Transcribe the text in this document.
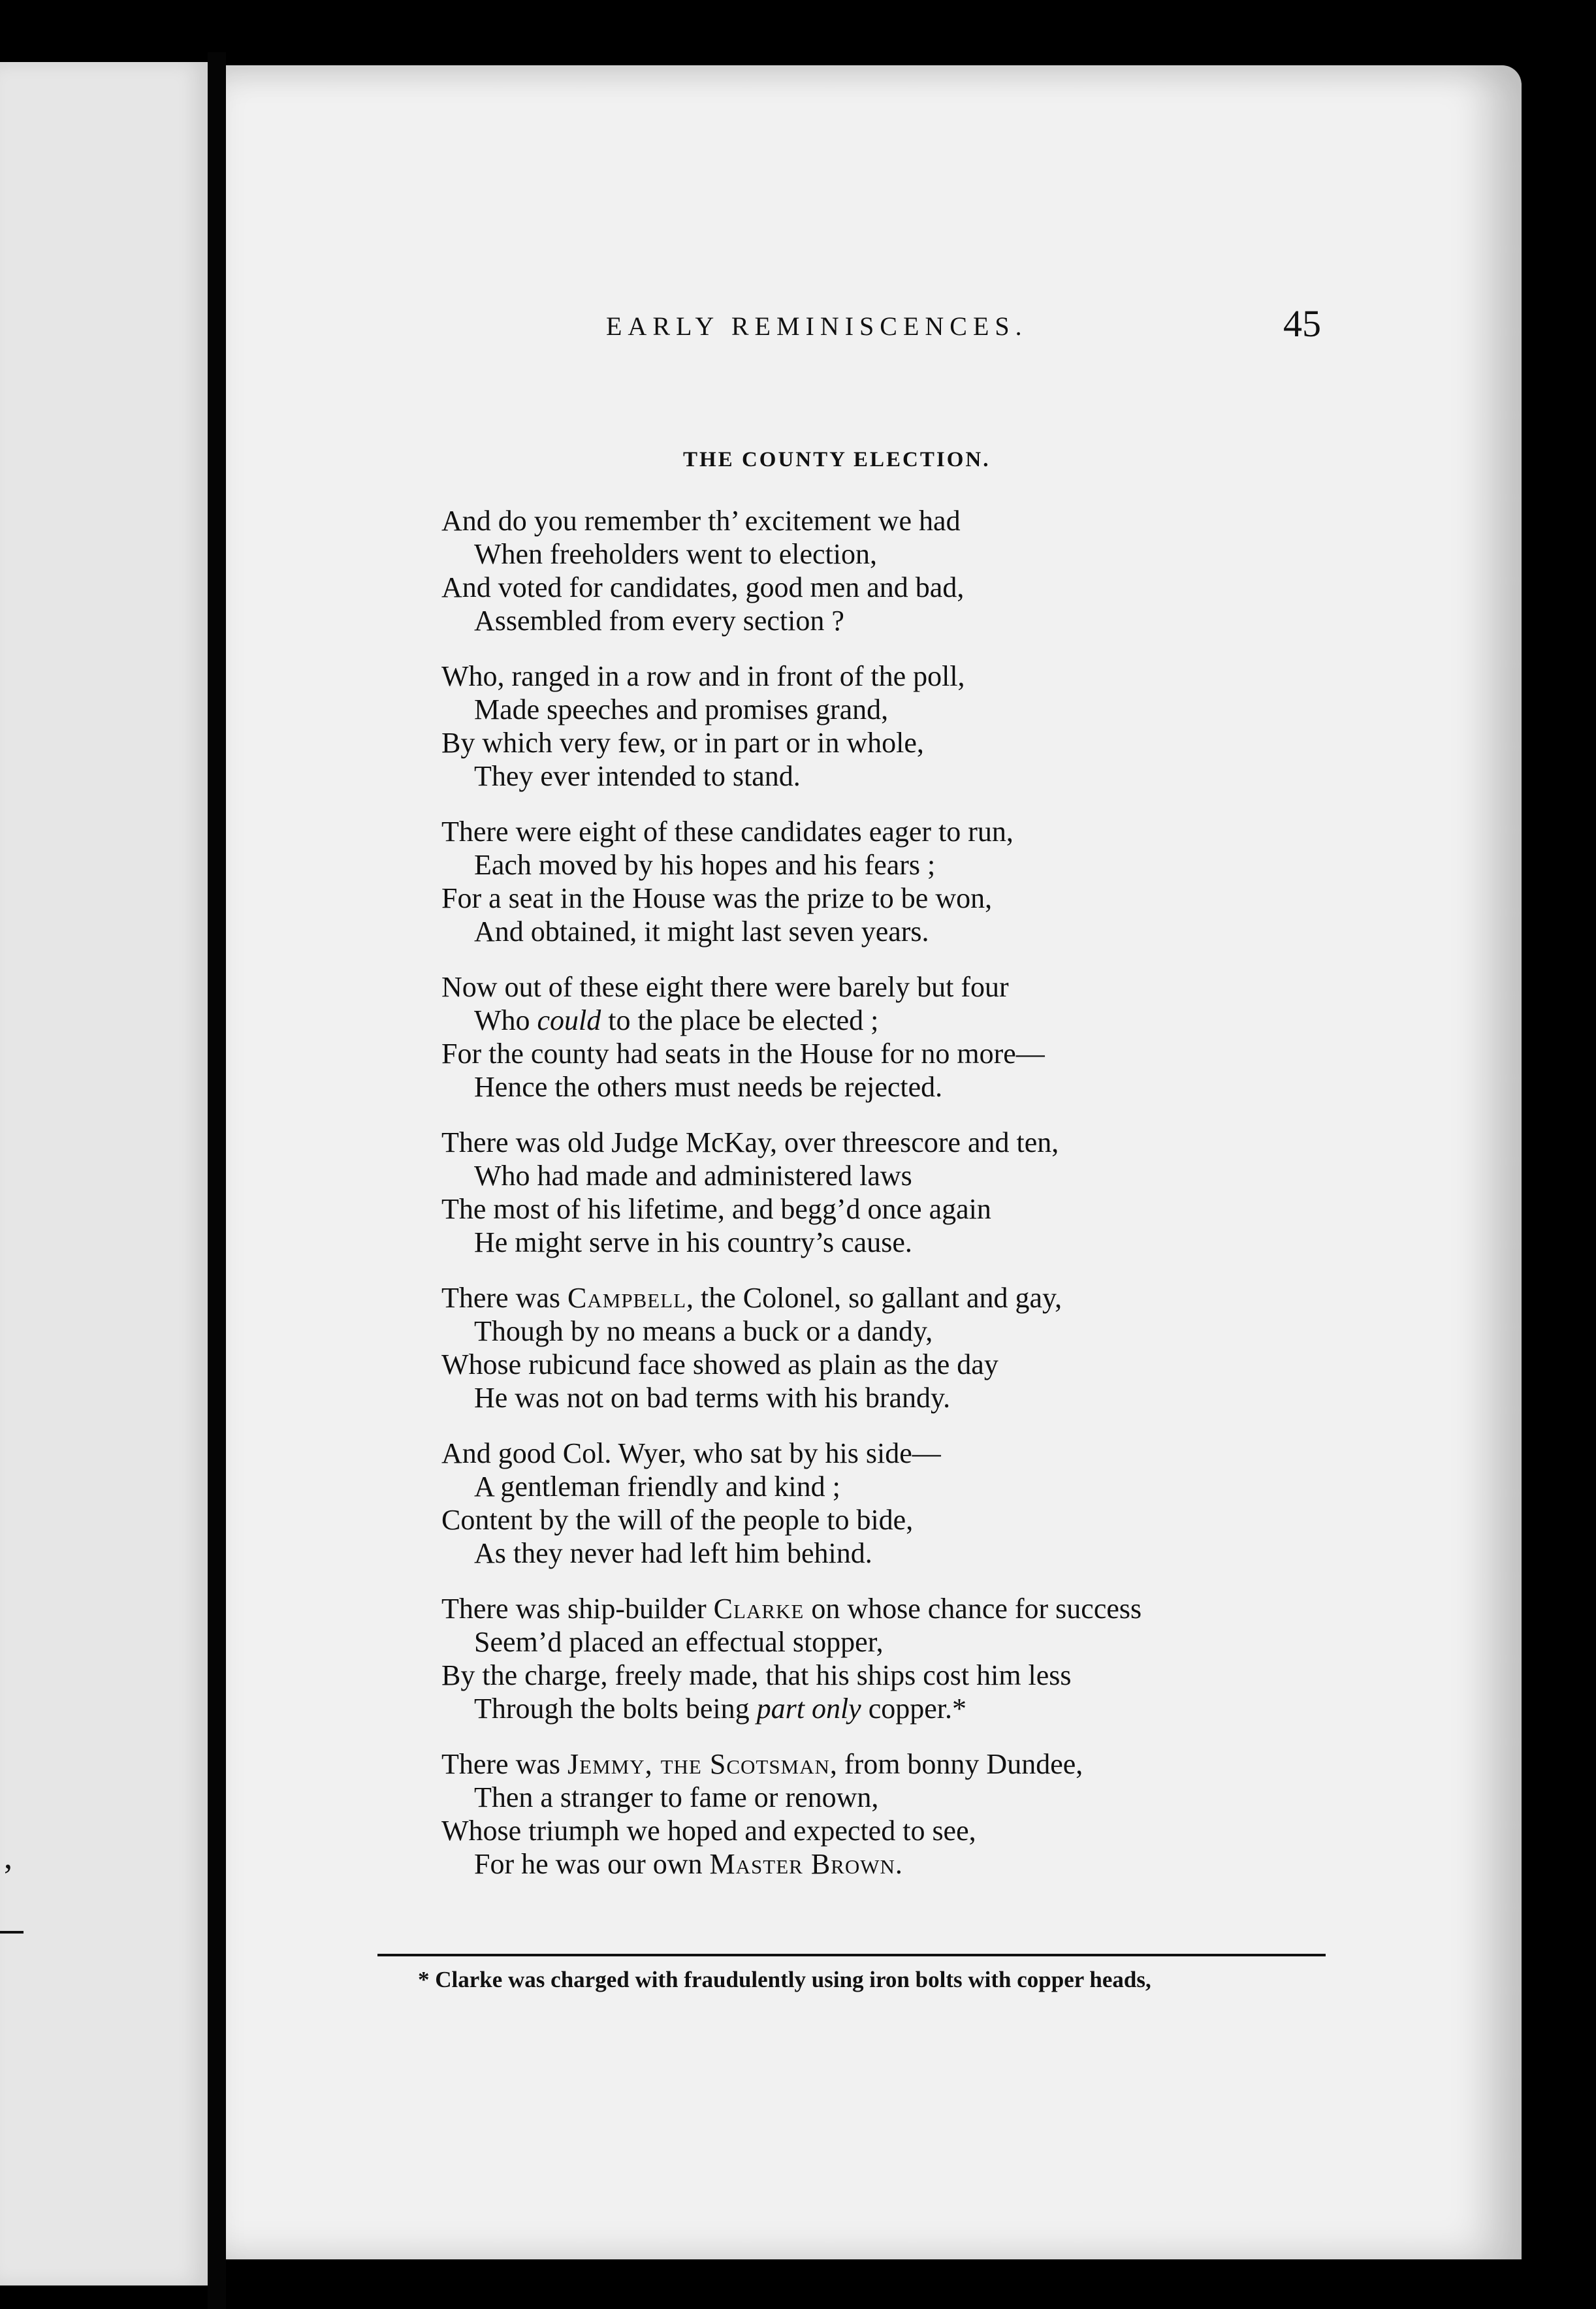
,
EARLY REMINISCENCES.	45
THE COUNTY ELECTION.
And do you remember th’ excitement we had
When freeholders went to election,
And voted for candidates, good men and bad,
Assembled from every section ?
Who, ranged in a row and in front of the poll,
Made speeches and promises grand,
By which very few, or in part or in whole,
They ever intended to stand.
There were eight of these candidates eager to run,
Each moved by his hopes and his fears ;
For a seat in the House was the prize to be won,
And obtained, it might last seven years.
Now out of these eight there were barely but four
Who could to the place be elected ;
For the county had seats in the House for no more—
Hence the others must needs be rejected.
There was old Judge McKay, over threescore and ten,
Who had made and administered laws
The most of his lifetime, and begg’d once again
He might serve in his country’s cause.
There was Campbell, the Colonel, so gallant and gay,
Though by no means a buck or a dandy,
Whose rubicund face showed as plain as the day
He was not on bad terms with his brandy.
And good Col. Wyer, who sat by his side—
A gentleman friendly and kind ;
Content by the will of the people to bide,
As they never had left him behind.
There was ship-builder Clarke on whose chance for success
Seem’d placed an effectual stopper,
By the charge, freely made, that his ships cost him less
Through the bolts being part only copper.*
There was Jemmy, the Scotsman, from bonny Dundee,
Then a stranger to fame or renown,
Whose triumph we hoped and expected to see,
For he was our own Master Brown.
* Clarke was charged with fraudulently using iron bolts with copper heads,
